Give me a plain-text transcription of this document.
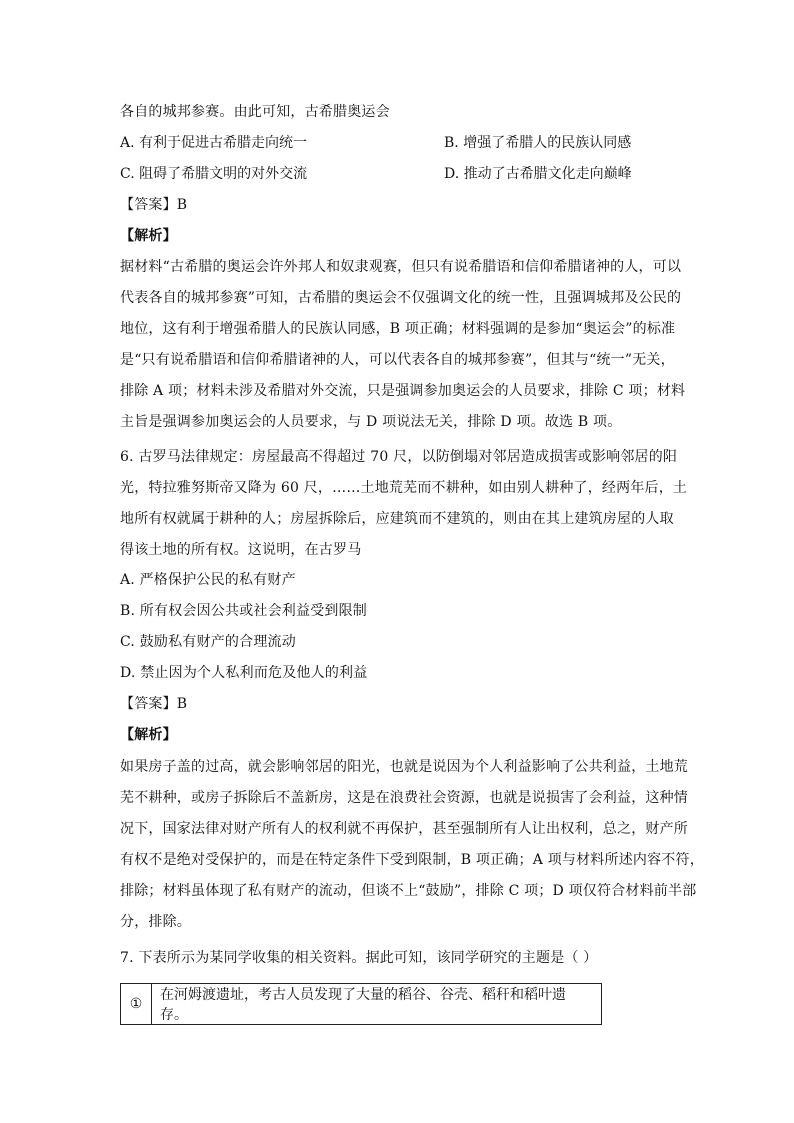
各自的城邦参赛。由此可知，古希腊奥运会
A. 有利于促进古希腊走向统一	B. 增强了希腊人的民族认同感
C. 阻碍了希腊文明的对外交流	D. 推动了古希腊文化走向巅峰
【答案】B
【解析】
据材料“古希腊的奥运会许外邦人和奴隶观赛，但只有说希腊语和信仰希腊诸神的人，可以
代表各自的城邦参赛”可知，古希腊的奥运会不仅强调文化的统一性，且强调城邦及公民的
地位，这有利于增强希腊人的民族认同感，B 项正确；材料强调的是参加“奥运会”的标准
是“只有说希腊语和信仰希腊诸神的人，可以代表各自的城邦参赛”，但其与“统一”无关，
排除 A 项；材料未涉及希腊对外交流，只是强调参加奥运会的人员要求，排除 C 项；材料
主旨是强调参加奥运会的人员要求，与 D 项说法无关，排除 D 项。故选 B 项。
6. 古罗马法律规定：房屋最高不得超过 70 尺，以防倒塌对邻居造成损害或影响邻居的阳
光，特拉雅努斯帝又降为 60 尺，……土地荒芜而不耕种，如由别人耕种了，经两年后，土
地所有权就属于耕种的人；房屋拆除后，应建筑而不建筑的，则由在其上建筑房屋的人取
得该土地的所有权。这说明，在古罗马
A. 严格保护公民的私有财产
B. 所有权会因公共或社会利益受到限制
C. 鼓励私有财产的合理流动
D. 禁止因为个人私利而危及他人的利益
【答案】B
【解析】
如果房子盖的过高，就会影响邻居的阳光，也就是说因为个人利益影响了公共利益，土地荒
芜不耕种，或房子拆除后不盖新房，这是在浪费社会资源，也就是说损害了会利益，这种情
况下，国家法律对财产所有人的权利就不再保护，甚至强制所有人让出权利，总之，财产所
有权不是绝对受保护的，而是在特定条件下受到限制，B 项正确；A 项与材料所述内容不符，
排除；材料虽体现了私有财产的流动，但谈不上“鼓励”，排除 C 项；D 项仅符合材料前半部
分，排除。
7. 下表所示为某同学收集的相关资料。据此可知，该同学研究的主题是（ ）
①	在河姆渡遗址，考古人员发现了大量的稻谷、谷壳、稻秆和稻叶遗存。
